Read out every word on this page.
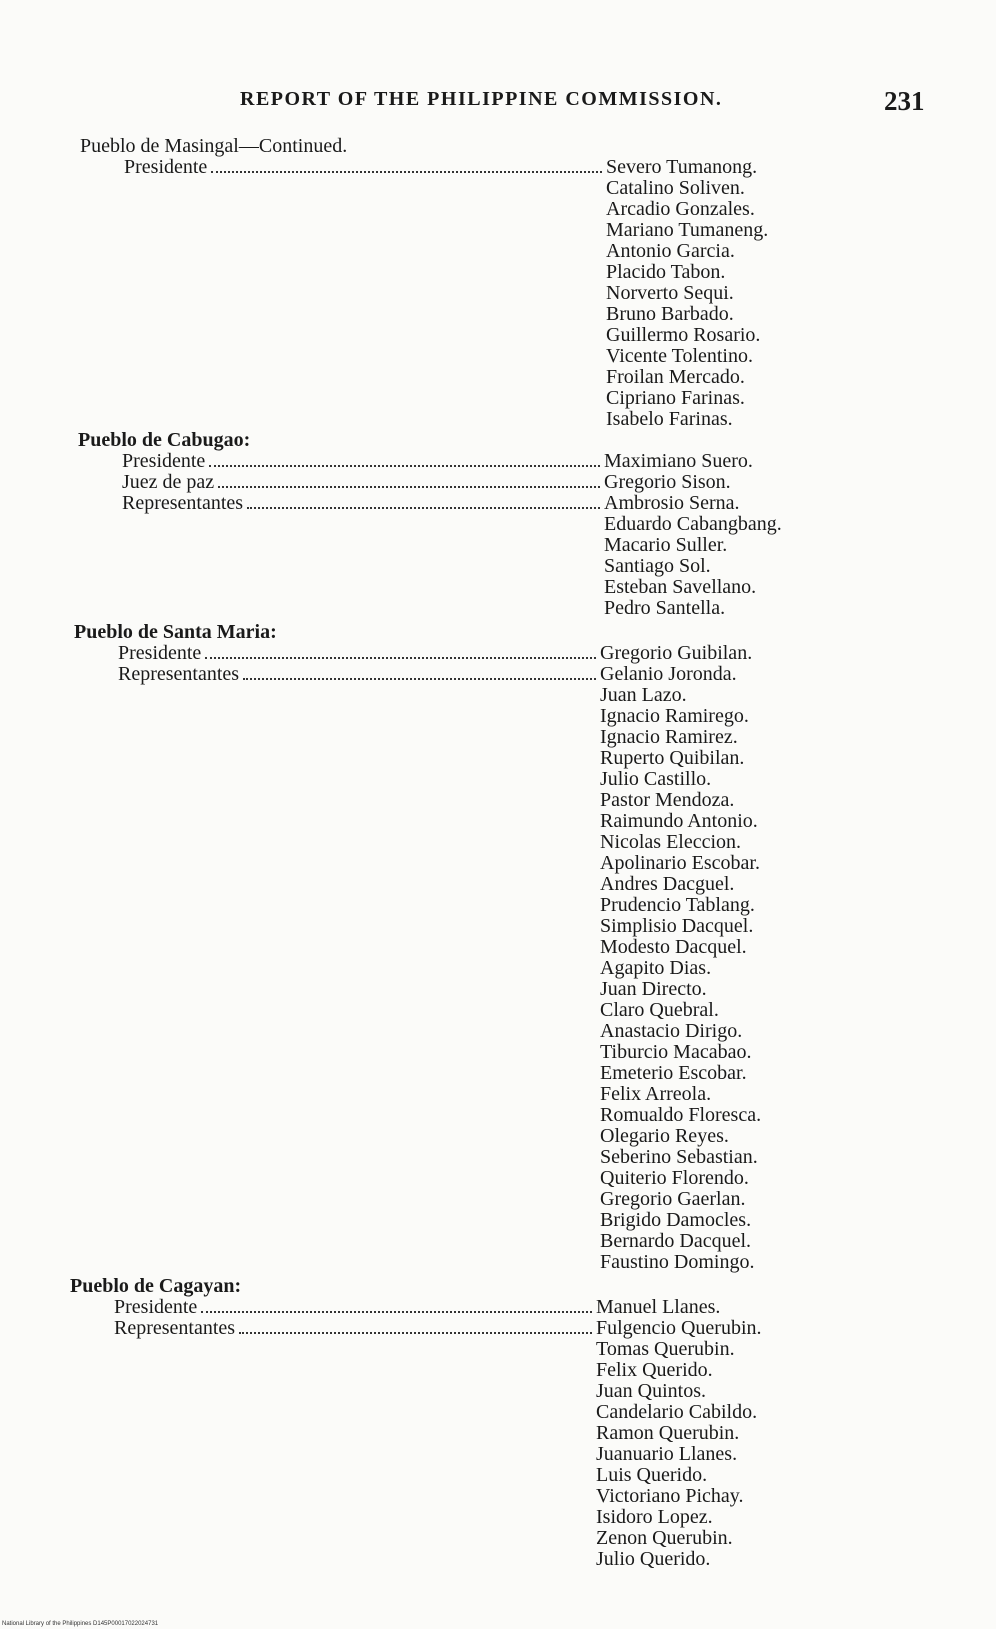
REPORT OF THE PHILIPPINE COMMISSION.	231
Pueblo de Masingal—Continued.
Presidente	Severo Tumanong.
Catalino Soliven.
Arcadio Gonzales.
Mariano Tumaneng.
Antonio Garcia.
Placido Tabon.
Norverto Sequi.
Bruno Barbado.
Guillermo Rosario.
Vicente Tolentino.
Froilan Mercado.
Cipriano Farinas.
Isabelo Farinas.
Pueblo de Cabugao:
Presidente	Maximiano Suero.
Juez de paz	Gregorio Sison.
Representantes	Ambrosio Serna.
Eduardo Cabangbang.
Macario Suller.
Santiago Sol.
Esteban Savellano.
Pedro Santella.
Pueblo de Santa Maria:
Presidente	Gregorio Guibilan.
Representantes	Gelanio Joronda.
Juan Lazo.
Ignacio Ramirego.
Ignacio Ramirez.
Ruperto Quibilan.
Julio Castillo.
Pastor Mendoza.
Raimundo Antonio.
Nicolas Eleccion.
Apolinario Escobar.
Andres Dacguel.
Prudencio Tablang.
Simplisio Dacquel.
Modesto Dacquel.
Agapito Dias.
Juan Directo.
Claro Quebral.
Anastacio Dirigo.
Tiburcio Macabao.
Emeterio Escobar.
Felix Arreola.
Romualdo Floresca.
Olegario Reyes.
Seberino Sebastian.
Quiterio Florendo.
Gregorio Gaerlan.
Brigido Damocles.
Bernardo Dacquel.
Faustino Domingo.
Pueblo de Cagayan:
Presidente	Manuel Llanes.
Representantes	Fulgencio Querubin.
Tomas Querubin.
Felix Querido.
Juan Quintos.
Candelario Cabildo.
Ramon Querubin.
Juanuario Llanes.
Luis Querido.
Victoriano Pichay.
Isidoro Lopez.
Zenon Querubin.
Julio Querido.
National Library of the Philippines D145P00017022024731
